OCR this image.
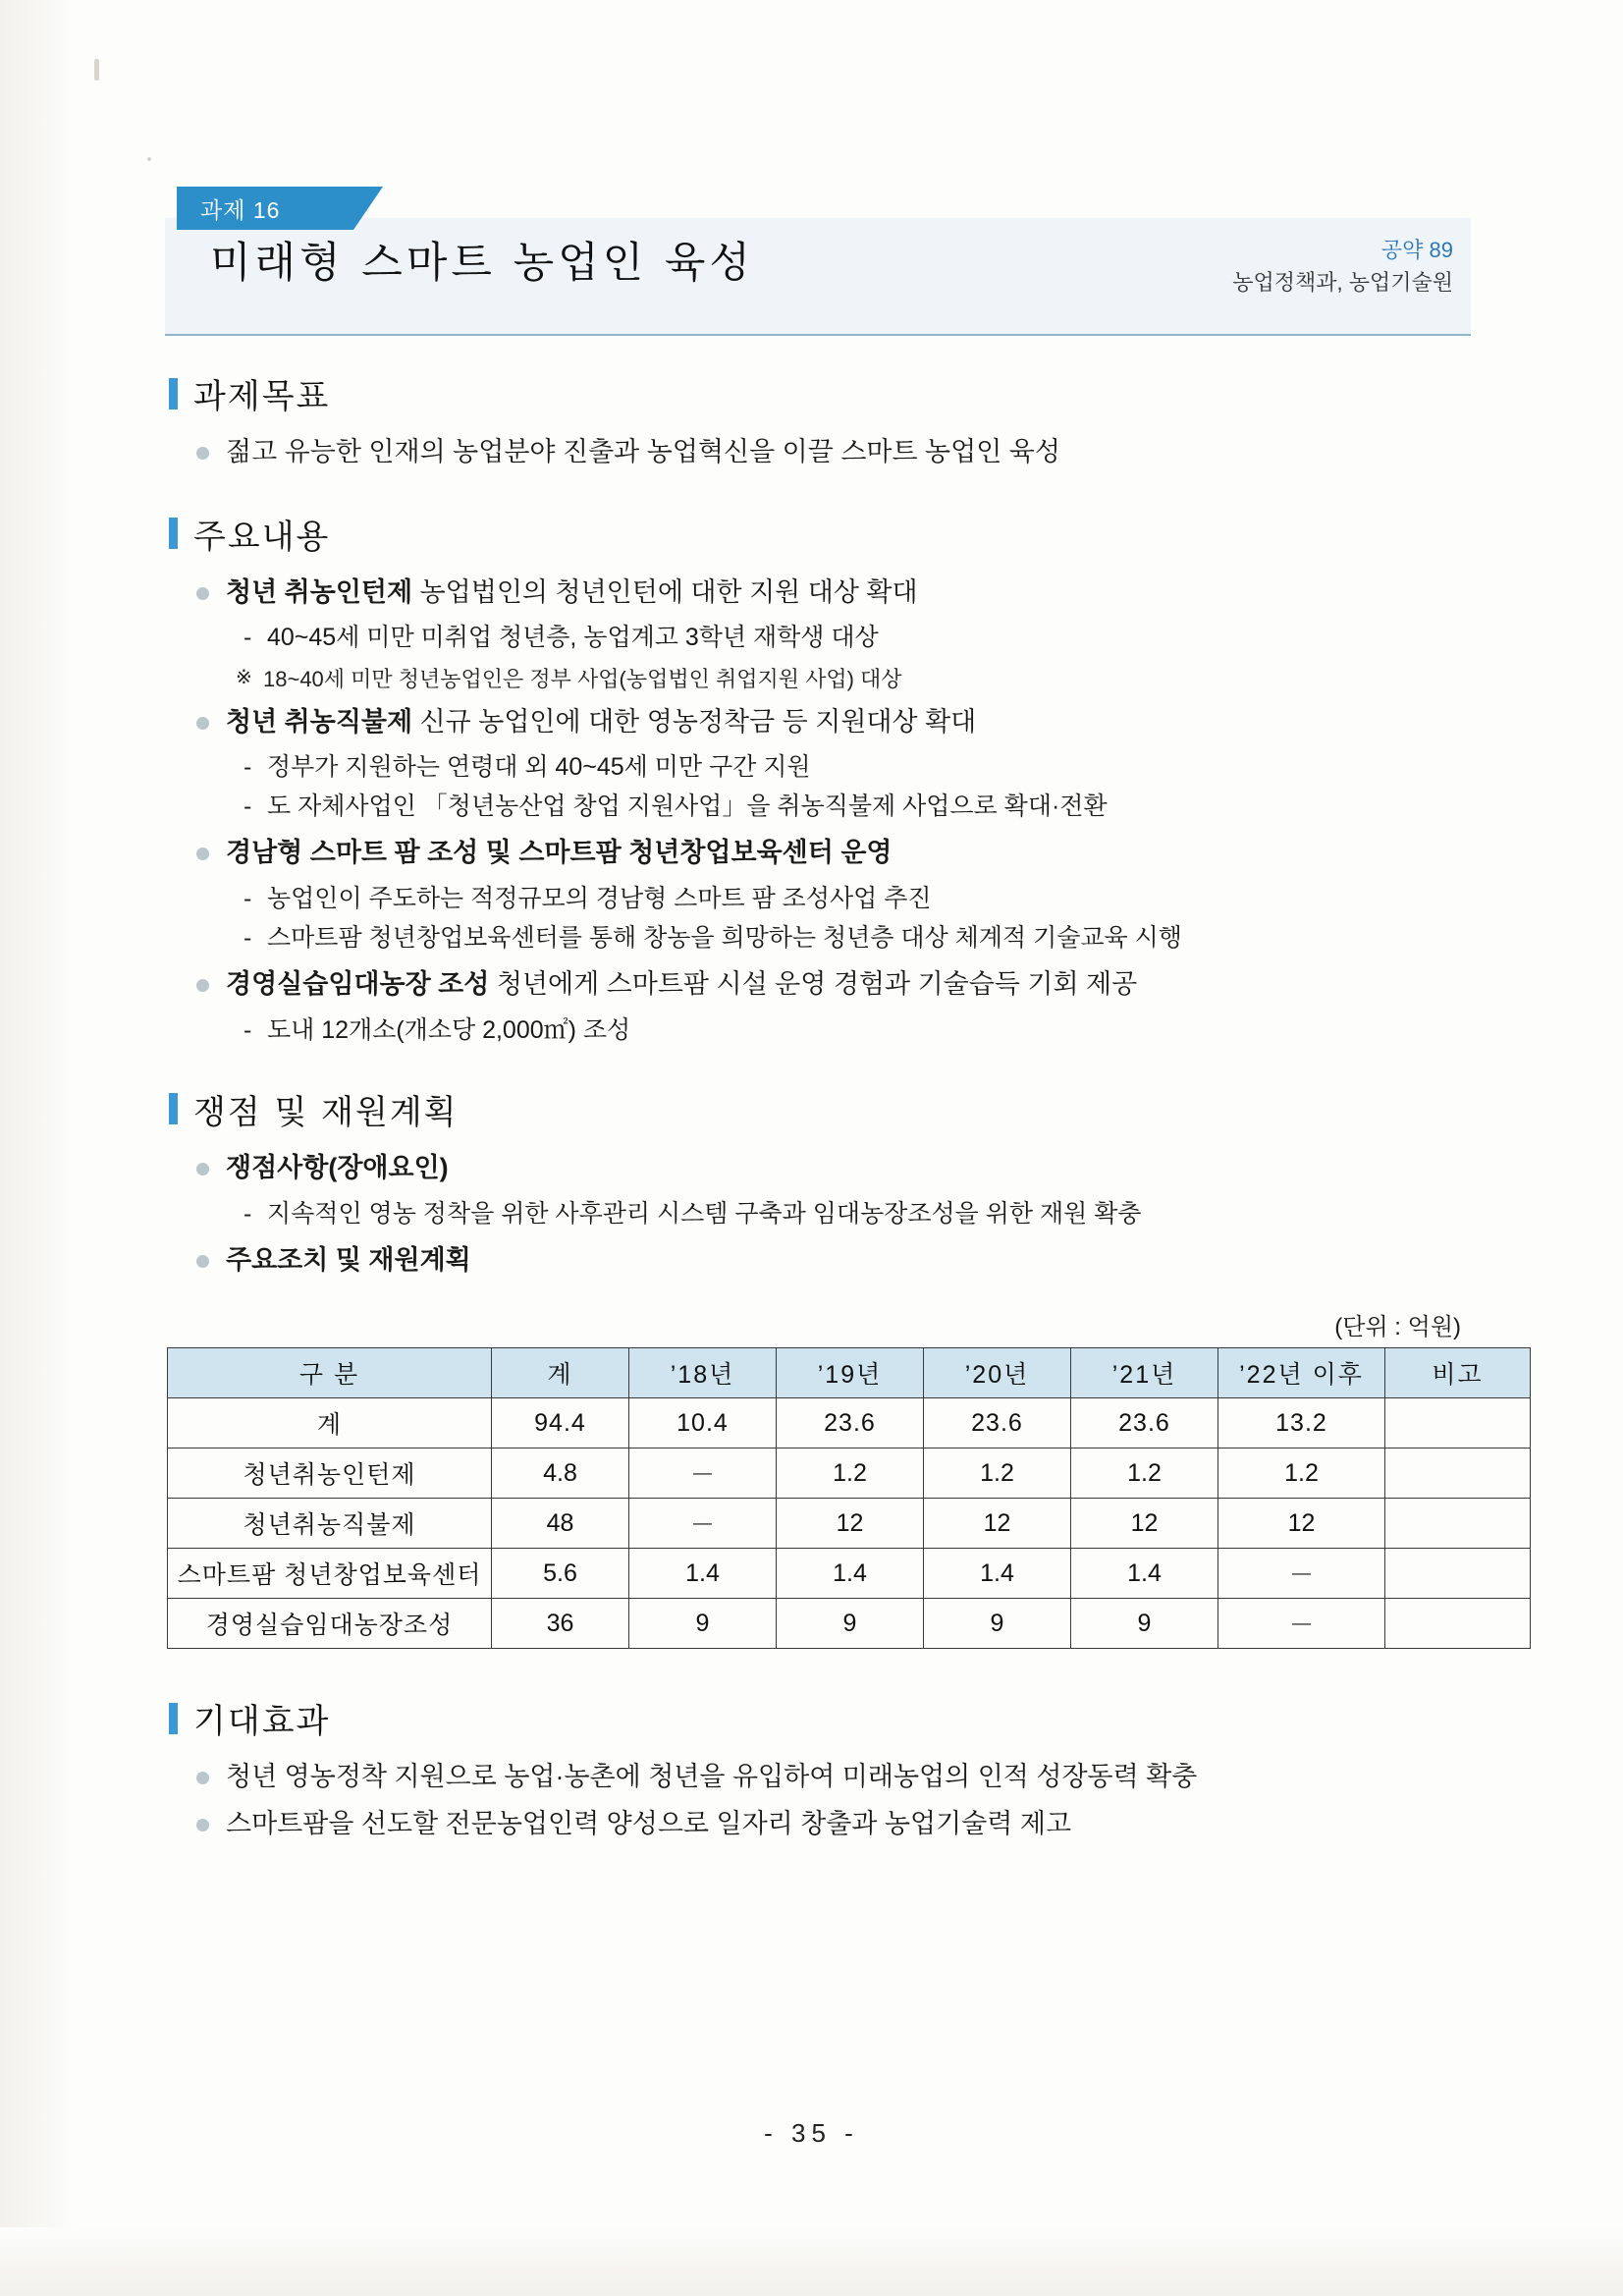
과제 16
미래형 스마트 농업인 육성	공약 89
농업정책과, 농업기술원
과제목표
젊고 유능한 인재의 농업분야 진출과 농업혁신을 이끌 스마트 농업인 육성
주요내용
청년 취농인턴제 농업법인의 청년인턴에 대한 지원 대상 확대
- 40~45세 미만 미취업 청년층, 농업계고 3학년 재학생 대상
※ 18~40세 미만 청년농업인은 정부 사업(농업법인 취업지원 사업) 대상
청년 취농직불제 신규 농업인에 대한 영농정착금 등 지원대상 확대
- 정부가 지원하는 연령대 외 40~45세 미만 구간 지원
- 도 자체사업인 「청년농산업 창업 지원사업」을 취농직불제 사업으로 확대·전환
경남형 스마트 팜 조성 및 스마트팜 청년창업보육센터 운영
- 농업인이 주도하는 적정규모의 경남형 스마트 팜 조성사업 추진
- 스마트팜 청년창업보육센터를 통해 창농을 희망하는 청년층 대상 체계적 기술교육 시행
경영실습임대농장 조성 청년에게 스마트팜 시설 운영 경험과 기술습득 기회 제공
- 도내 12개소(개소당 2,000㎡) 조성
쟁점 및 재원계획
쟁점사항(장애요인)
- 지속적인 영농 정착을 위한 사후관리 시스템 구축과 임대농장조성을 위한 재원 확충
주요조치 및 재원계획
(단위 : 억원)
구 분	계	’18년	’19년	’20년	’21년	’22년 이후	비고
계	94.4	10.4	23.6	23.6	23.6	13.2	
청년취농인턴제	4.8	－	1.2	1.2	1.2	1.2	
청년취농직불제	48	－	12	12	12	12	
스마트팜 청년창업보육센터	5.6	1.4	1.4	1.4	1.4	－	
경영실습임대농장조성	36	9	9	9	9	－	
기대효과
청년 영농정착 지원으로 농업·농촌에 청년을 유입하여 미래농업의 인적 성장동력 확충
스마트팜을 선도할 전문농업인력 양성으로 일자리 창출과 농업기술력 제고
- 35 -
